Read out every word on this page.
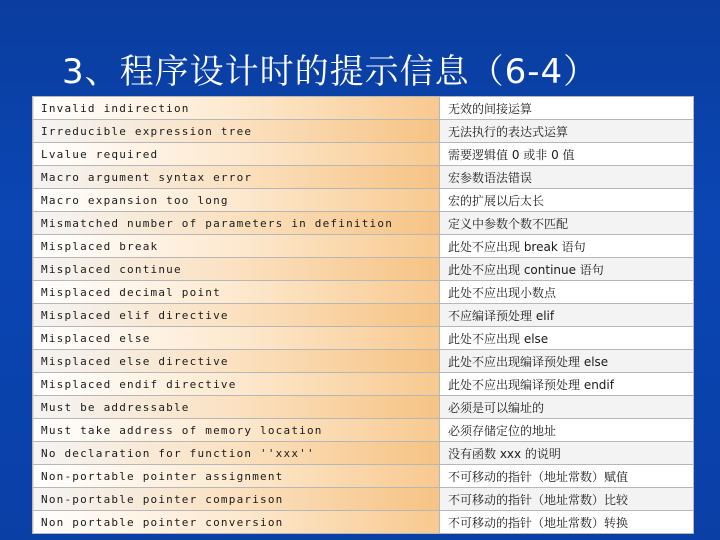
3、程序设计时的提示信息（6-4）
Invalid indirection	无效的间接运算
Irreducible expression tree	无法执行的表达式运算
Lvalue required	需要逻辑值 0 或非 0 值
Macro argument syntax error	宏参数语法错误
Macro expansion too long	宏的扩展以后太长
Mismatched number of parameters in definition	定义中参数个数不匹配
Misplaced break	此处不应出现 break 语句
Misplaced continue	此处不应出现 continue 语句
Misplaced decimal point	此处不应出现小数点
Misplaced elif directive	不应编译预处理 elif
Misplaced else	此处不应出现 else
Misplaced else directive	此处不应出现编译预处理 else
Misplaced endif directive	此处不应出现编译预处理 endif
Must be addressable	必须是可以编址的
Must take address of memory location	必须存储定位的地址
No declaration for function ''xxx''	没有函数 xxx 的说明
Non-portable pointer assignment	不可移动的指针（地址常数）赋值
Non-portable pointer comparison	不可移动的指针（地址常数）比较
Non portable pointer conversion	不可移动的指针（地址常数）转换
